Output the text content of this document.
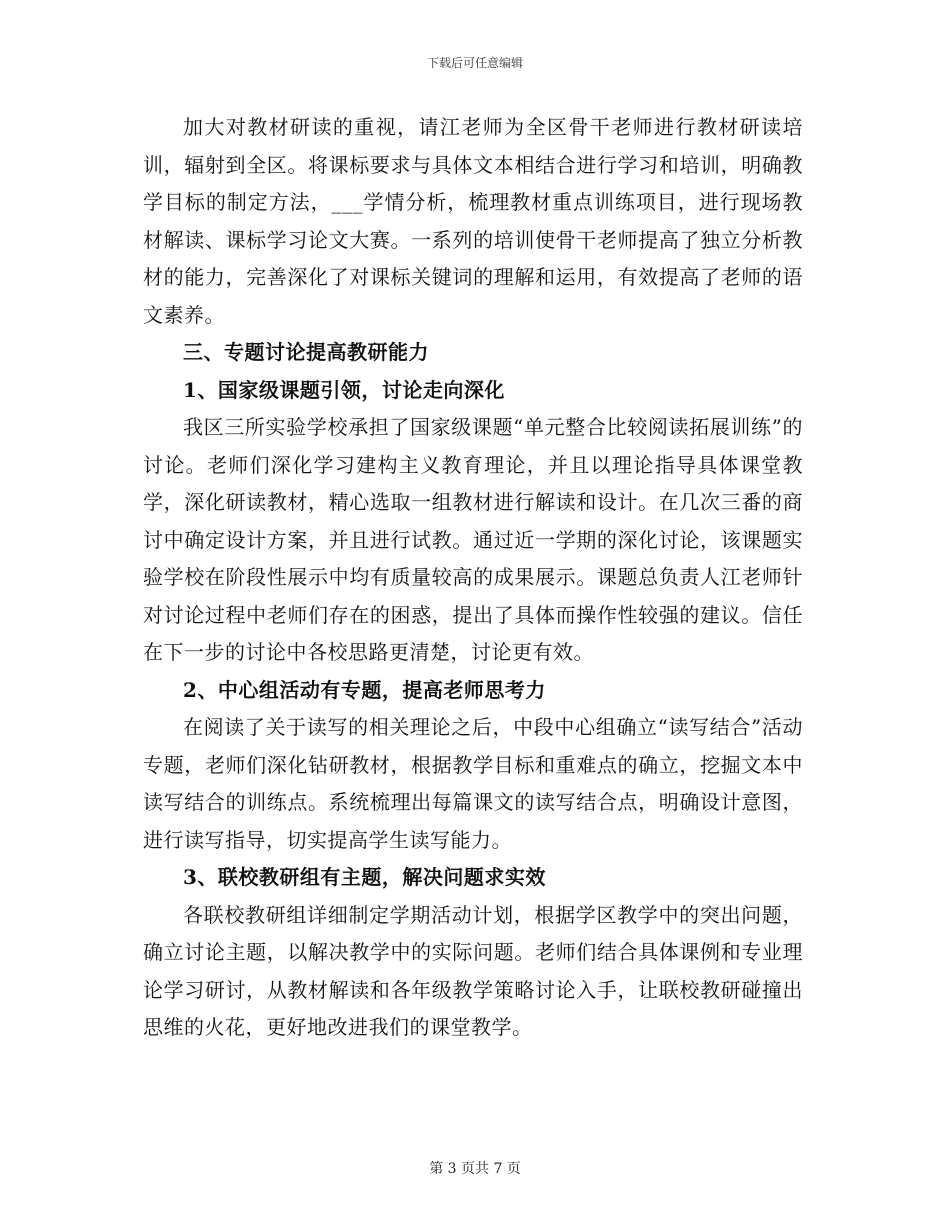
下载后可任意编辑

加大对教材研读的重视，请江老师为全区骨干老师进行教材研读培训，辐射到全区。将课标要求与具体文本相结合进行学习和培训，明确教学目标的制定方法，___学情分析，梳理教材重点训练项目，进行现场教材解读、课标学习论文大赛。一系列的培训使骨干老师提高了独立分析教材的能力，完善深化了对课标关键词的理解和运用，有效提高了老师的语文素养。

三、专题讨论提高教研能力

1、国家级课题引领，讨论走向深化

我区三所实验学校承担了国家级课题“单元整合比较阅读拓展训练”的讨论。老师们深化学习建构主义教育理论，并且以理论指导具体课堂教学，深化研读教材，精心选取一组教材进行解读和设计。在几次三番的商讨中确定设计方案，并且进行试教。通过近一学期的深化讨论，该课题实验学校在阶段性展示中均有质量较高的成果展示。课题总负责人江老师针对讨论过程中老师们存在的困惑，提出了具体而操作性较强的建议。信任在下一步的讨论中各校思路更清楚，讨论更有效。

2、中心组活动有专题，提高老师思考力

在阅读了关于读写的相关理论之后，中段中心组确立“读写结合”活动专题，老师们深化钻研教材，根据教学目标和重难点的确立，挖掘文本中读写结合的训练点。系统梳理出每篇课文的读写结合点，明确设计意图，进行读写指导，切实提高学生读写能力。

3、联校教研组有主题，解决问题求实效

各联校教研组详细制定学期活动计划，根据学区教学中的突出问题，确立讨论主题，以解决教学中的实际问题。老师们结合具体课例和专业理论学习研讨，从教材解读和各年级教学策略讨论入手，让联校教研碰撞出思维的火花，更好地改进我们的课堂教学。

第 3 页共 7 页
